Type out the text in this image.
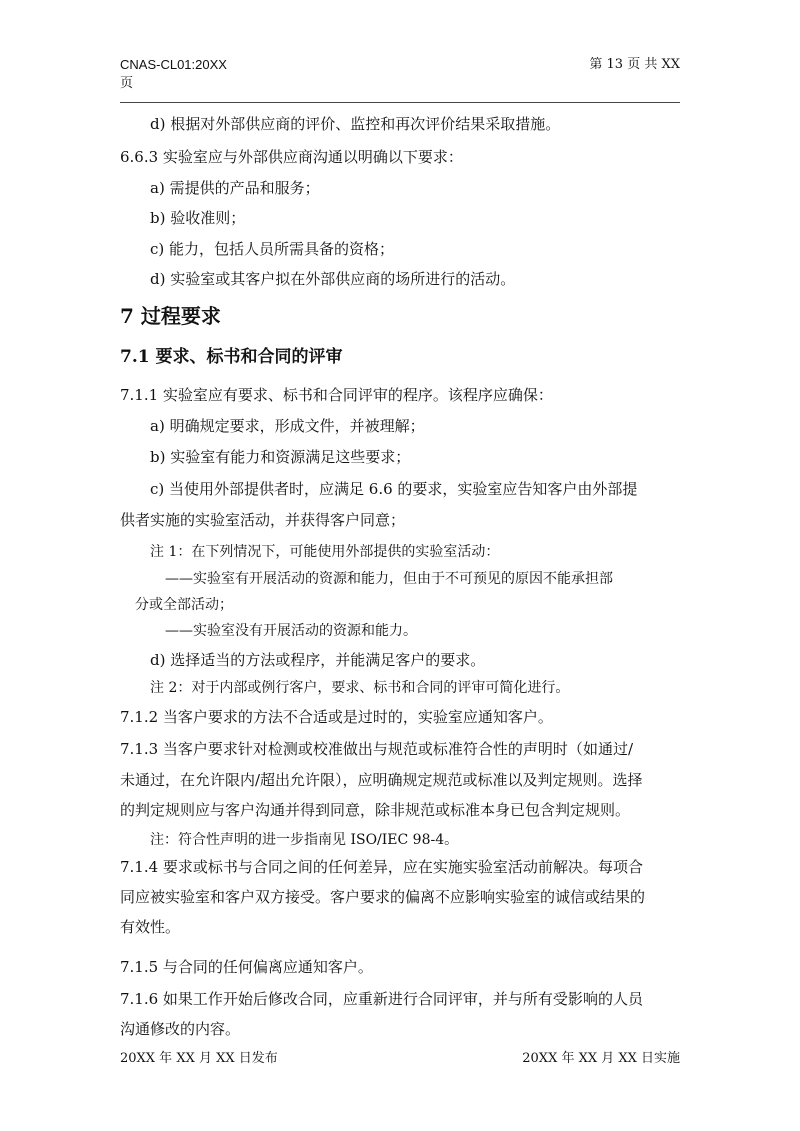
CNAS-CL01:20XX
页
第 13 页 共 XX
d) 根据对外部供应商的评价、监控和再次评价结果采取措施。
6.6.3 实验室应与外部供应商沟通以明确以下要求：
a) 需提供的产品和服务；
b) 验收准则；
c) 能力，包括人员所需具备的资格；
d) 实验室或其客户拟在外部供应商的场所进行的活动。
7 过程要求
7.1 要求、标书和合同的评审
7.1.1 实验室应有要求、标书和合同评审的程序。该程序应确保：
a) 明确规定要求，形成文件，并被理解；
b) 实验室有能力和资源满足这些要求；
c) 当使用外部提供者时，应满足 6.6 的要求，实验室应告知客户由外部提
供者实施的实验室活动，并获得客户同意；
注 1：在下列情况下，可能使用外部提供的实验室活动：
——实验室有开展活动的资源和能力，但由于不可预见的原因不能承担部
分或全部活动；
——实验室没有开展活动的资源和能力。
d) 选择适当的方法或程序，并能满足客户的要求。
注 2：对于内部或例行客户，要求、标书和合同的评审可简化进行。
7.1.2 当客户要求的方法不合适或是过时的，实验室应通知客户。
7.1.3 当客户要求针对检测或校准做出与规范或标准符合性的声明时（如通过/
未通过，在允许限内/超出允许限），应明确规定规范或标准以及判定规则。选择
的判定规则应与客户沟通并得到同意，除非规范或标准本身已包含判定规则。
注：符合性声明的进一步指南见 ISO/IEC 98-4。
7.1.4 要求或标书与合同之间的任何差异，应在实施实验室活动前解决。每项合
同应被实验室和客户双方接受。客户要求的偏离不应影响实验室的诚信或结果的
有效性。
7.1.5 与合同的任何偏离应通知客户。
7.1.6 如果工作开始后修改合同，应重新进行合同评审，并与所有受影响的人员
沟通修改的内容。
20XX 年 XX 月 XX 日发布	20XX 年 XX 月 XX 日实施
